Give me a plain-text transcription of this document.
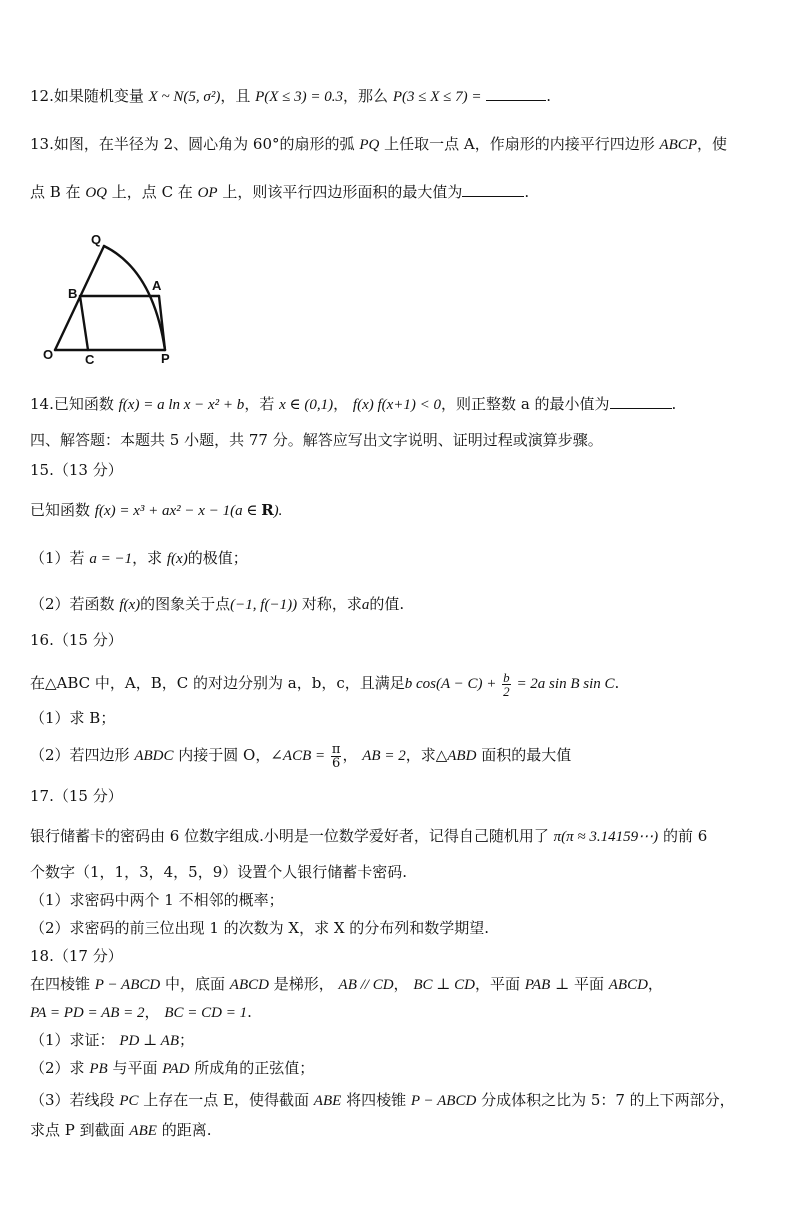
12.如果随机变量 X ~ N(5, σ²)，且 P(X ≤ 3) = 0.3，那么 P(3 ≤ X ≤ 7) =	.
13.如图，在半径为 2、圆心角为 60°的扇形的弧 PQ 上任取一点 A，作扇形的内接平行四边形 ABCP，使
点 B 在 OQ 上，点 C 在 OP 上，则该平行四边形面积的最大值为	.
Q
B
A
O C	P
14.已知函数 f(x) = a ln x − x² + b，若 x ∈ (0,1)， f(x) f(x+1) < 0，则正整数 a 的最小值为	.
四、解答题：本题共 5 小题，共 77 分。解答应写出文字说明、证明过程或演算步骤。
15.（13 分）
已知函数 f(x) = x³ + ax² − x − 1(a ∈ R).
（1）若 a = −1，求 f(x)的极值；
（2）若函数 f(x)的图象关于点(−1, f(−1)) 对称，求a的值.
16.（15 分）
在△ABC 中，A，B，C 的对边分别为 a，b，c，且满足b $\cos(A - C) + \frac{b}{2} = 2a$ sin B sin C.
（1）求 B；
（2）若四边形 ABDC 内接于圆 O，∠ACB = $\frac{\pi}{6}$ ， AB = 2，求△ABD 面积的最大值
17.（15 分）
银行储蓄卡的密码由 6 位数字组成.小明是一位数学爱好者，记得自己随机用了 π(π ≈ 3.14159⋯) 的前 6
个数字（1，1，3，4，5，9）设置个人银行储蓄卡密码.
（1）求密码中两个 1 不相邻的概率；
（2）求密码的前三位出现 1 的次数为 X，求 X 的分布列和数学期望.
18.（17 分）
在四棱锥 P − ABCD 中，底面 ABCD 是梯形， AB // CD， BC ⊥ CD，平面 PAB ⊥ 平面 ABCD，
PA = PD = AB = 2， BC = CD = 1.
（1）求证： PD ⊥ AB；
（2）求 PB 与平面 PAD 所成角的正弦值；
（3）若线段 PC 上存在一点 E，使得截面 ABE 将四棱锥 P − ABCD 分成体积之比为 5：7 的上下两部分，
求点 P 到截面 ABE 的距离.
